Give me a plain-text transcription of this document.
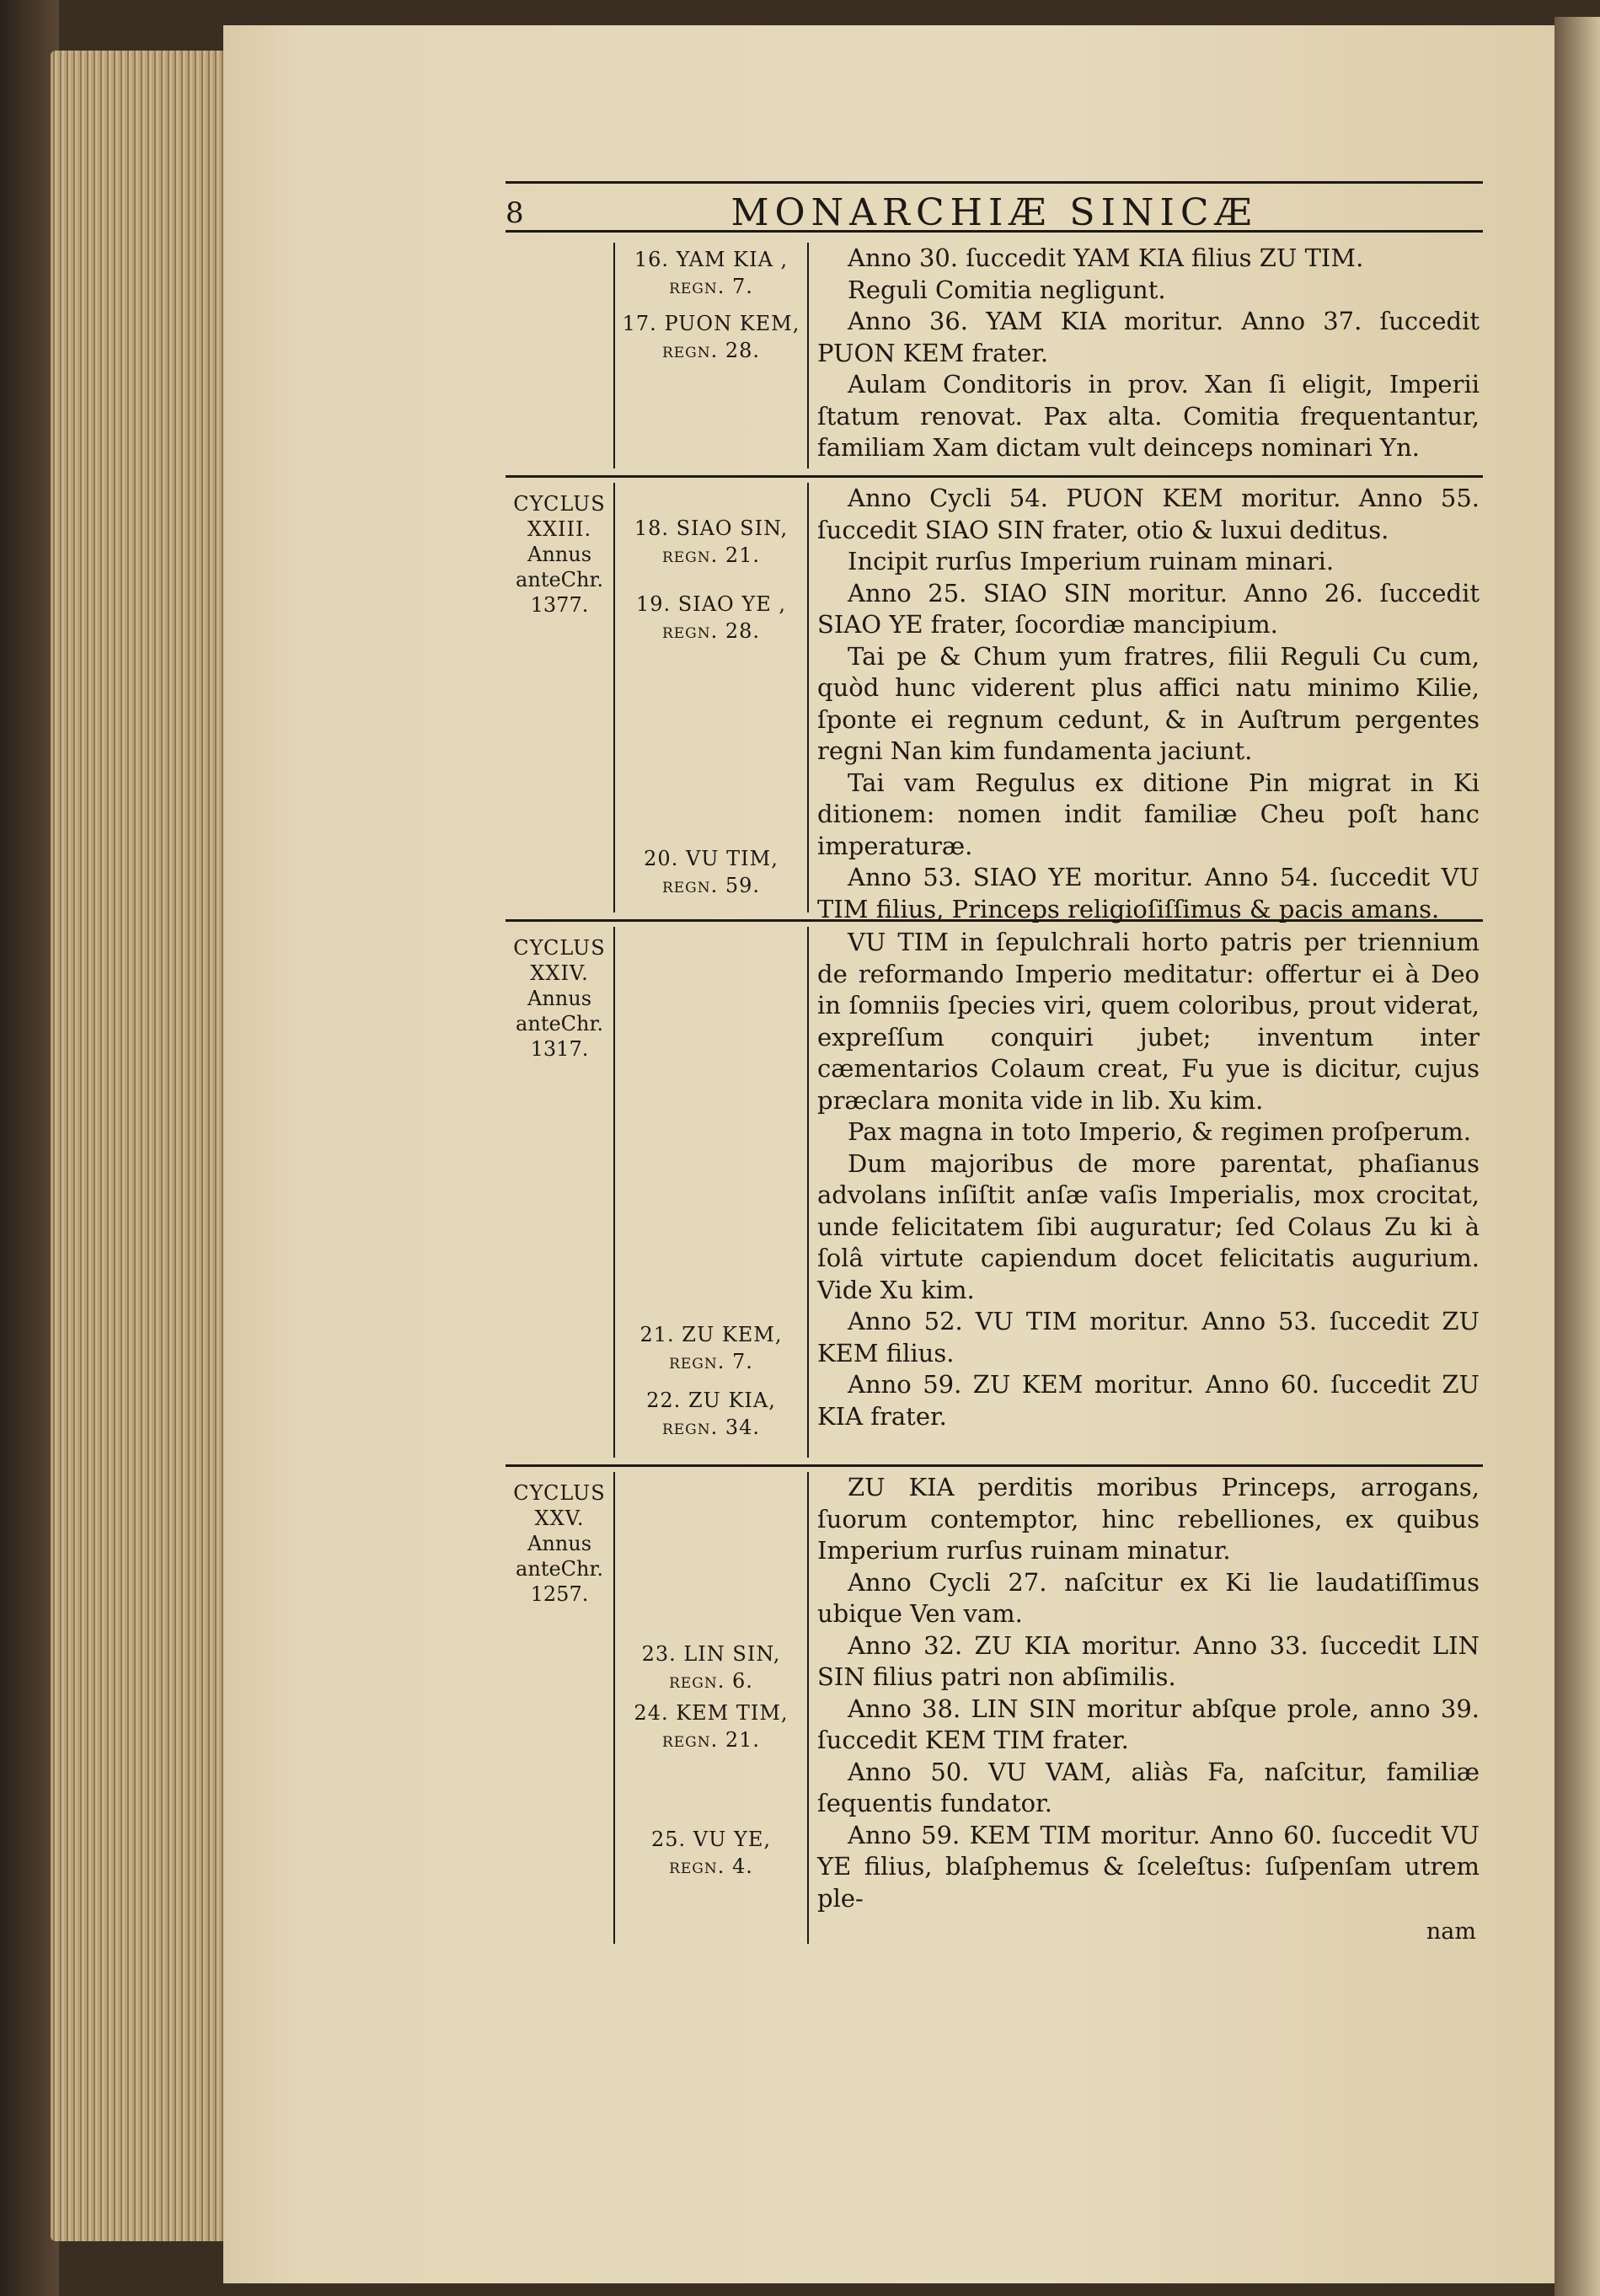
8	MONARCHIÆ SINICÆ
16. YAM KIA ,
regn. 7.
17. PUON KEM,
regn. 28.

Anno 30. ſuccedit YAM KIA filius ZU TIM.

Reguli Comitia negligunt.

Anno 36. YAM KIA moritur. Anno 37. ſuccedit PUON KEM frater.

Aulam Conditoris in prov. Xan ſi eligit, Imperii ſtatum renovat. Pax alta. Comitia frequentantur, familiam Xam dictam vult deinceps nominari Yn.

CYCLUS
XXIII.
Annus
anteChr.
1377.
18. SIAO SIN,
regn. 21.
19. SIAO YE ,
regn. 28.
20. VU TIM,
regn. 59.

Anno Cycli 54. PUON KEM moritur. Anno 55. ſuccedit SIAO SIN frater, otio & luxui deditus.

Incipit rurſus Imperium ruinam minari.

Anno 25. SIAO SIN moritur. Anno 26. ſuccedit SIAO YE frater, ſocordiæ mancipium.

Tai pe & Chum yum fratres, filii Reguli Cu cum, quòd hunc viderent plus affici natu minimo Kilie, ſponte ei regnum cedunt, & in Auſtrum pergentes regni Nan kim fundamenta jaciunt.

Tai vam Regulus ex ditione Pin migrat in Ki ditionem: nomen indit familiæ Cheu poſt hanc imperaturæ.

Anno 53. SIAO YE moritur. Anno 54. ſuccedit VU TIM filius, Princeps religioſiſſimus & pacis amans.

CYCLUS
XXIV.
Annus
anteChr.
1317.
21. ZU KEM,
regn. 7.
22. ZU KIA,
regn. 34.

VU TIM in ſepulchrali horto patris per triennium de reformando Imperio meditatur: offertur ei à Deo in ſomniis ſpecies viri, quem coloribus, prout viderat, expreſſum conquiri jubet; inventum inter cæmentarios Colaum creat, Fu yue is dicitur, cujus præclara monita vide in lib. Xu kim.

Pax magna in toto Imperio, & regimen proſperum.

Dum majoribus de more parentat, phaſianus advolans inſiſtit anſæ vaſis Imperialis, mox crocitat, unde felicitatem ſibi auguratur; ſed Colaus Zu ki à ſolâ virtute capiendum docet felicitatis augurium. Vide Xu kim.

Anno 52. VU TIM moritur. Anno 53. ſuccedit ZU KEM filius.

Anno 59. ZU KEM moritur. Anno 60. ſuccedit ZU KIA frater.

CYCLUS
XXV.
Annus
anteChr.
1257.
23. LIN SIN,
regn. 6.
24. KEM TIM,
regn. 21.
25. VU YE,
regn. 4.

ZU KIA perditis moribus Princeps, arrogans, ſuorum contemptor, hinc rebelliones, ex quibus Imperium rurſus ruinam minatur.

Anno Cycli 27. naſcitur ex Ki lie laudatiſſimus ubique Ven vam.

Anno 32. ZU KIA moritur. Anno 33. ſuccedit LIN SIN filius patri non abſimilis.

Anno 38. LIN SIN moritur abſque prole, anno 39. ſuccedit KEM TIM frater.

Anno 50. VU VAM, aliàs Fa, naſcitur, familiæ ſequentis fundator.

Anno 59. KEM TIM moritur. Anno 60. ſuccedit VU YE filius, blaſphemus & ſceleſtus: ſuſpenſam utrem ple-

nam
